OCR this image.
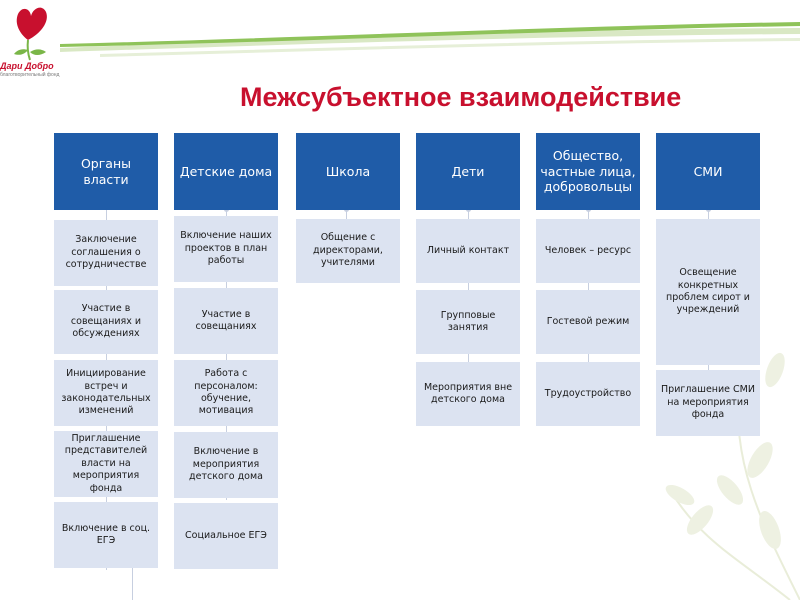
Дари Добро
благотворительный фонд
Межсубъектное взаимодействие
Органы власти
Заключение соглашения о сотрудничестве
Участие в совещаниях и обсуждениях
Инициирование встреч и законодательных изменений
Приглашение представителей власти на мероприятия фонда
Включение в соц. ЕГЭ
Детские дома
Включение наших проектов в план работы
Участие в совещаниях
Работа с персоналом: обучение, мотивация
Включение в мероприятия детского дома
Социальное ЕГЭ
Школа
Общение с директорами, учителями
Дети
Личный контакт
Групповые занятия
Мероприятия вне детского дома
Общество, частные лица, добровольцы
Человек – ресурс
Гостевой режим
Трудоустройство
СМИ
Освещение конкретных проблем сирот и учреждений
Приглашение СМИ на мероприятия фонда
